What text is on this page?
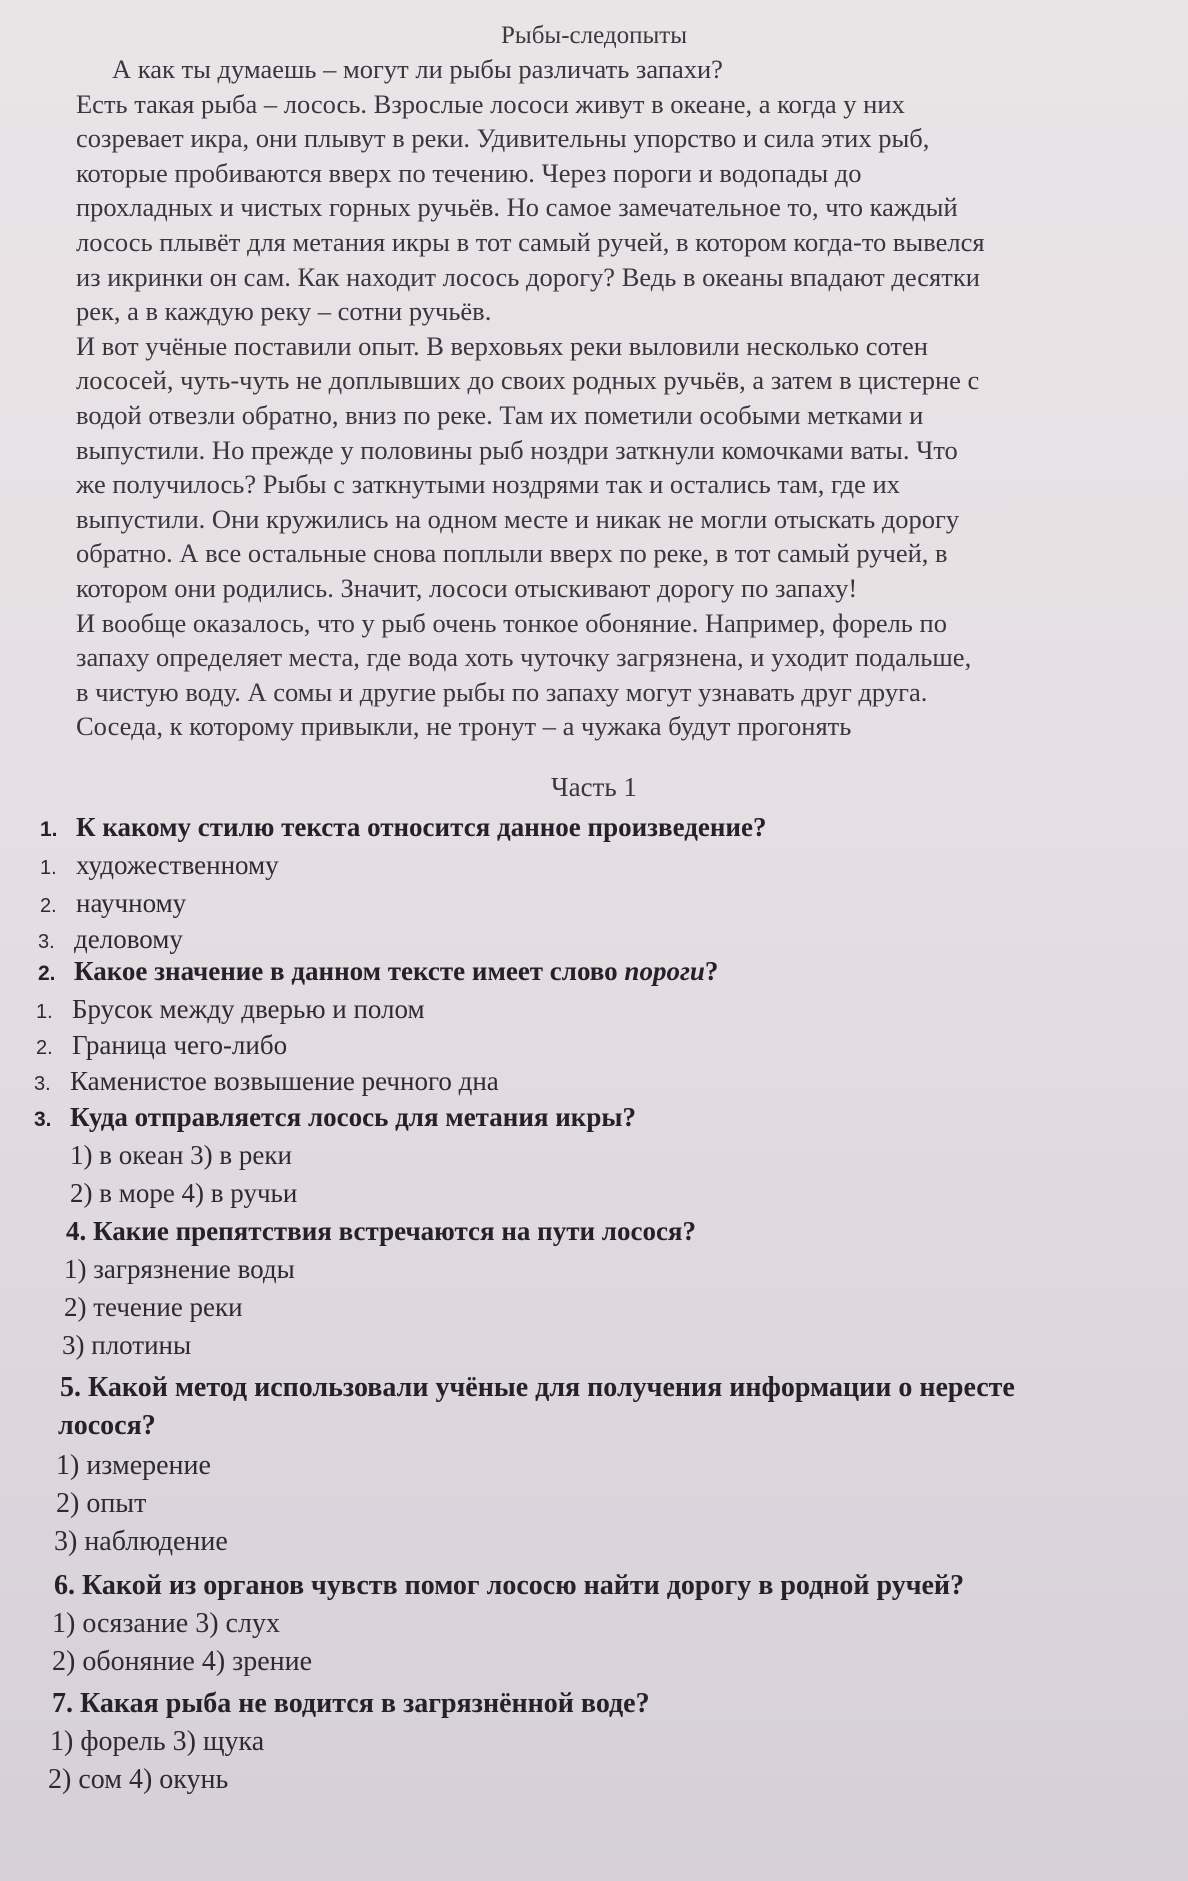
Рыбы-следопыты
А как ты думаешь – могут ли рыбы различать запахи?
Есть такая рыба – лосось. Взрослые лососи живут в океане, а когда у них
созревает икра, они плывут в реки. Удивительны упорство и сила этих рыб,
которые пробиваются вверх по течению. Через пороги и водопады до
прохладных и чистых горных ручьёв. Но самое замечательное то, что каждый
лосось плывёт для метания икры в тот самый ручей, в котором когда-то вывелся
из икринки он сам. Как находит лосось дорогу? Ведь в океаны впадают десятки
рек, а в каждую реку – сотни ручьёв.
И вот учёные поставили опыт. В верховьях реки выловили несколько сотен
лососей, чуть-чуть не доплывших до своих родных ручьёв, а затем в цистерне с
водой отвезли обратно, вниз по реке. Там их пометили особыми метками и
выпустили. Но прежде у половины рыб ноздри заткнули комочками ваты. Что
же получилось? Рыбы с заткнутыми ноздрями так и остались там, где их
выпустили. Они кружились на одном месте и никак не могли отыскать дорогу
обратно. А все остальные снова поплыли вверх по реке, в тот самый ручей, в
котором они родились. Значит, лососи отыскивают дорогу по запаху!
И вообще оказалось, что у рыб очень тонкое обоняние. Например, форель по
запаху определяет места, где вода хоть чуточку загрязнена, и уходит подальше,
в чистую воду. А сомы и другие рыбы по запаху могут узнавать друг друга.
Соседа, к которому привыкли, не тронут – а чужака будут прогонять
Часть 1
1. К какому стилю текста относится данное произведение?
1. художественному
2. научному
3. деловому
2. Какое значение в данном тексте имеет слово пороги?
1. Брусок между дверью и полом
2. Граница чего-либо
3. Каменистое возвышение речного дна
3. Куда отправляется лосось для метания икры?
1) в океан 3) в реки
2) в море 4) в ручьи
4. Какие препятствия встречаются на пути лосося?
1) загрязнение воды
2) течение реки
3) плотины
5. Какой метод использовали учёные для получения информации о нересте
лосося?
1) измерение
2) опыт
3) наблюдение
6. Какой из органов чувств помог лососю найти дорогу в родной ручей?
1) осязание 3) слух
2) обоняние 4) зрение
7. Какая рыба не водится в загрязнённой воде?
1) форель 3) щука
2) сом 4) окунь
